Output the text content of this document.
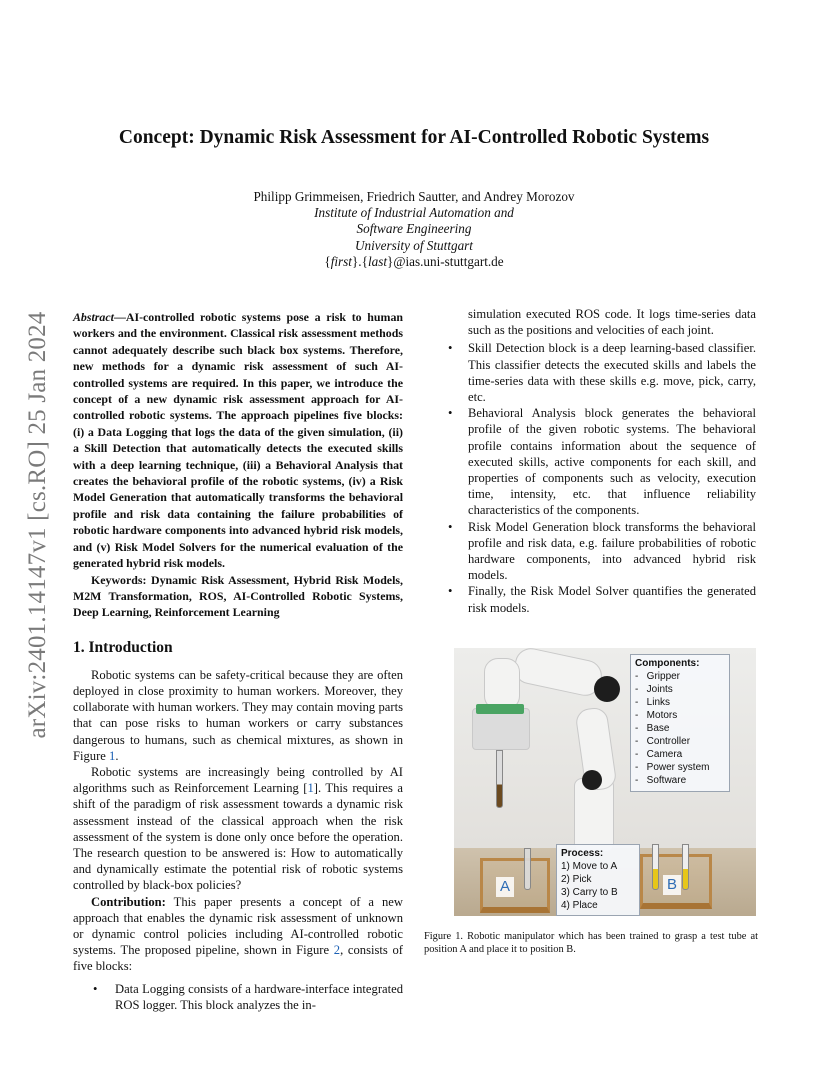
arXiv:2401.14147v1 [cs.RO] 25 Jan 2024
Concept: Dynamic Risk Assessment for AI-Controlled Robotic Systems
Philipp Grimmeisen, Friedrich Sautter, and Andrey Morozov
Institute of Industrial Automation and
Software Engineering
University of Stuttgart
{first}.{last}@ias.uni-stuttgart.de

Abstract—AI-controlled robotic systems pose a risk to human workers and the environment. Classical risk assessment methods cannot adequately describe such black box systems. Therefore, new methods for a dynamic risk assessment of such AI-controlled systems are required. In this paper, we introduce the concept of a new dynamic risk assessment approach for AI-controlled robotic systems. The approach pipelines five blocks: (i) a Data Logging that logs the data of the given simulation, (ii) a Skill Detection that automatically detects the executed skills with a deep learning technique, (iii) a Behavioral Analysis that creates the behavioral profile of the robotic systems, (iv) a Risk Model Generation that automatically transforms the behavioral profile and risk data containing the failure probabilities of robotic hardware components into advanced hybrid risk models, and (v) Risk Model Solvers for the numerical evaluation of the generated hybrid risk models.

Keywords: Dynamic Risk Assessment, Hybrid Risk Models, M2M Transformation, ROS, AI-Controlled Robotic Systems, Deep Learning, Reinforcement Learning

1. Introduction

Robotic systems can be safety-critical because they are often deployed in close proximity to human workers. Moreover, they collaborate with human workers. They may contain moving parts that can pose risks to human workers or carry substances dangerous to humans, such as chemical mixtures, as shown in Figure 1.

Robotic systems are increasingly being controlled by AI algorithms such as Reinforcement Learning [1]. This requires a shift of the paradigm of risk assessment towards a dynamic risk assessment instead of the classical approach when the risk assessment of the system is done only once before the operation. The research question to be answered is: How to automatically and dynamically estimate the potential risk of robotic systems controlled by black-box policies?

Contribution: This paper presents a concept of a new approach that enables the dynamic risk assessment of unknown or dynamic control policies including AI-controlled robotic systems. The proposed pipeline, shown in Figure 2, consists of five blocks:

• Data Logging consists of a hardware-interface integrated ROS logger. This block analyzes the in-

simulation executed ROS code. It logs time-series data such as the positions and velocities of each joint.

• Skill Detection block is a deep learning-based classifier. This classifier detects the executed skills and labels the time-series data with these skills e.g. move, pick, carry, etc.
• Behavioral Analysis block generates the behavioral profile of the given robotic systems. The behavioral profile contains information about the sequence of executed skills, active components for each skill, and properties of components such as velocity, execution time, intensity, etc. that influence reliability characteristics of the components.
• Risk Model Generation block transforms the behavioral profile and risk data, e.g. failure probabilities of robotic hardware components, into advanced hybrid risk models.
• Finally, the Risk Model Solver quantifies the generated risk models.
Components:
-   Gripper
-   Joints
-   Links
-   Motors
-   Base
-   Controller
-   Camera
-   Power system
-   Software
A	B
Process:
1) Move to A
2) Pick
3) Carry to B
4) Place
Figure 1. Robotic manipulator which has been trained to grasp a test tube at position A and place it to position B.
